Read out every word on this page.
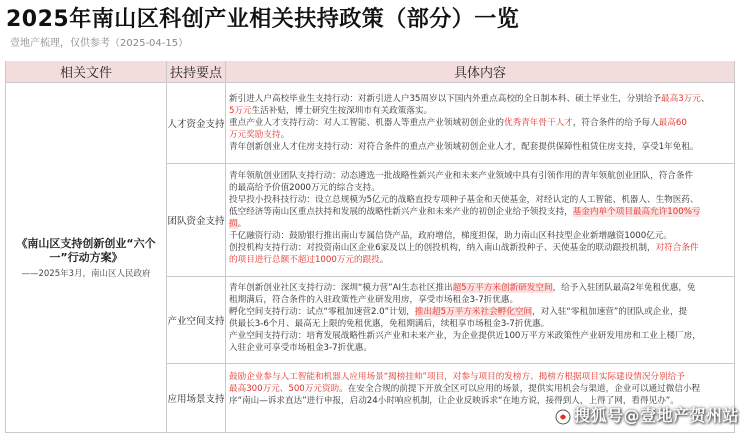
2025年南山区科创产业相关扶持政策（部分）一览
壹地产梳理，仅供参考（2025-04-15）
相关文件	扶持要点	具体内容
《南山区支持创新创业“六个一”行动方案》
——2025年3月，南山区人民政府
人才资金支持
团队资金支持
产业空间支持
应用场景支持

新引进人户高校毕业生支持行动：对新引进人户35周岁以下国内外重点高校的全日制本科、硕士毕业生，分别给予最高3万元、

5万元生活补贴，博士研究生按深圳市有关政策落实。

重点产业人才支持行动：对人工智能、机器人等重点产业领域初创企业的优秀青年骨干人才，符合条件的给予每人最高60

万元奖励支持。

青年创新创业人才住房支持行动：对符合条件的重点产业领域初创企业人才，配套提供保障性租赁住房支持，享受1年免租。

青年领航创业团队支持行动：动态遴选一批战略性新兴产业和未来产业领域中具有引领作用的青年领航创业团队，符合条件

的最高给予价值2000万元的综合支持。

投早投小投科技行动：设立总规模为5亿元的战略直投专项种子基金和天使基金，对经认定的人工智能、机器人、生物医药、

低空经济等南山区重点扶持和发展的战略性新兴产业和未来产业的初创企业给予领投支持，基金内单个项目最高允许100%亏

损。

千亿融资行动：鼓励银行推出南山专属信贷产品，政府增信，梯度担保，助力南山区科技型企业新增融资1000亿元。

创投机构支持行动：对投资南山区企业6家及以上的创投机构，纳入南山战新投种子、天使基金的联动跟投机制，对符合条件

的项目进行总额不超过1000万元的跟投。

青年创新创业社区支持行动：深圳“模力营”AI生态社区推出超5万平方米创新研发空间，给予入驻团队最高2年免租优惠，免

租期满后，符合条件的入驻政策性产业研发用房，享受市场租金3-7折优惠。

孵化空间支持行动：试点“零租加速营2.0”计划，推出超5万平方米社会孵化空间，对入驻“零租加速营”的团队或企业，提

供最长3-6个月、最高无上限的免租优惠，免租期满后，续租享市场租金3-7折优惠。

产业空间支持行动：培育发展战略性新兴产业和未来产业，为企业提供近100万平方米政策性产业研发用房和工业上楼厂房，

入驻企业可享受市场租金3-7折优惠。

鼓励企业参与人工智能和机器人应用场景“揭榜挂帅”项目，对参与项目的发榜方、揭榜方根据项目实际建设情况分别给予

最高300万元、500万元资助。在安全合规的前提下开放全区可以应用的场景，提供实用机会与渠道，企业可以通过微信小程

序“南山—诉求直达”进行申报，启动24小时响应机制，让企业反映诉求“在地方说，接得到人，上得了网，看得见办”。

搜狐号@壹地产贺州站
